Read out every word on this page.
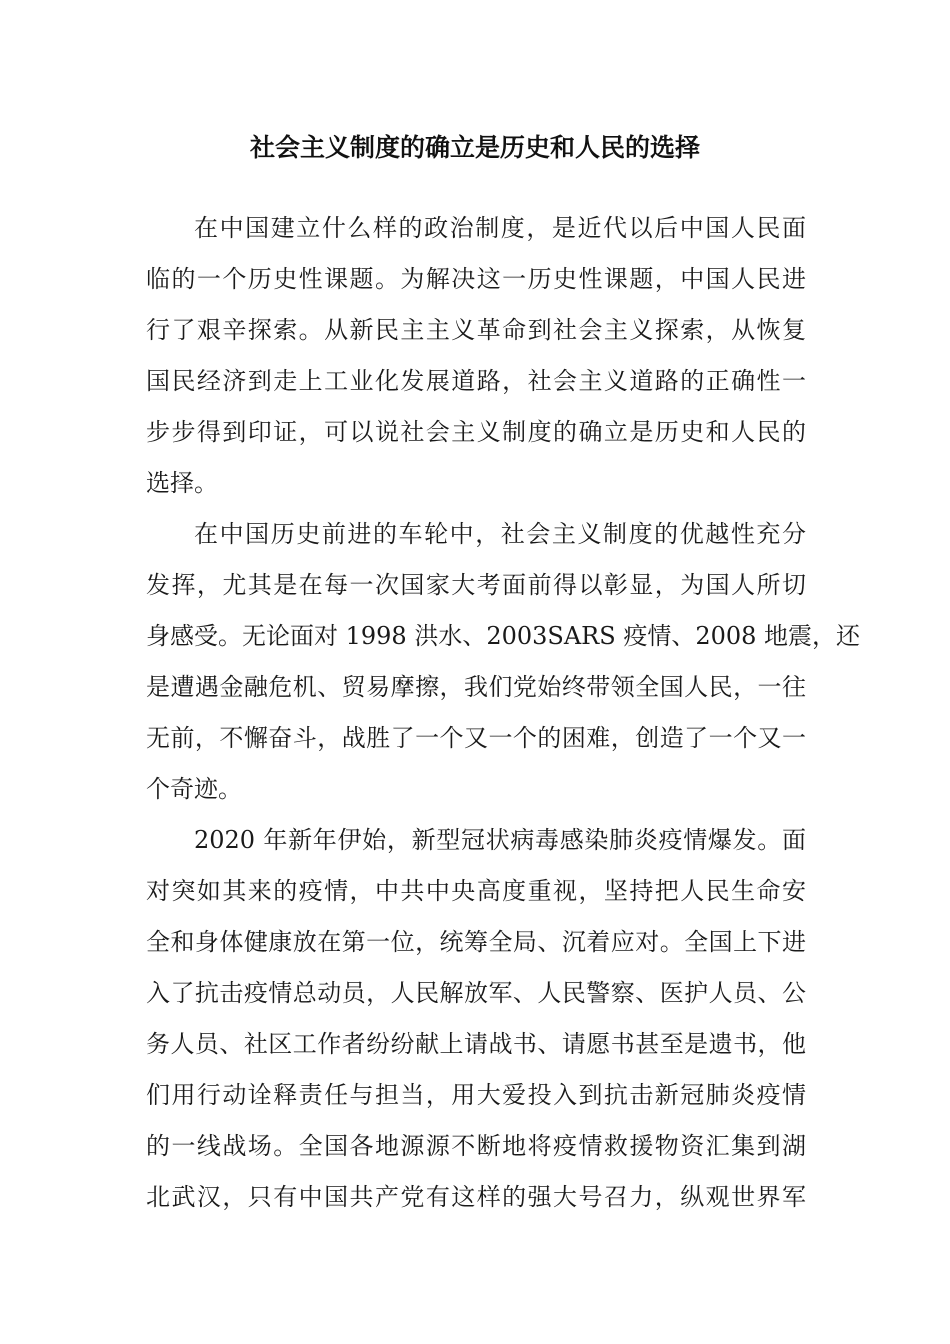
社会主义制度的确立是历史和人民的选择
在中国建立什么样的政治制度，是近代以后中国人民面
临的一个历史性课题。为解决这一历史性课题，中国人民进
行了艰辛探索。从新民主主义革命到社会主义探索，从恢复
国民经济到走上工业化发展道路，社会主义道路的正确性一
步步得到印证，可以说社会主义制度的确立是历史和人民的
选择。
在中国历史前进的车轮中，社会主义制度的优越性充分
发挥，尤其是在每一次国家大考面前得以彰显，为国人所切
身感受。无论面对 1998 洪水、2003SARS 疫情、2008 地震，还
是遭遇金融危机、贸易摩擦，我们党始终带领全国人民，一往
无前，不懈奋斗，战胜了一个又一个的困难，创造了一个又一
个奇迹。
2020 年新年伊始，新型冠状病毒感染肺炎疫情爆发。面
对突如其来的疫情，中共中央高度重视，坚持把人民生命安
全和身体健康放在第一位，统筹全局、沉着应对。全国上下进
入了抗击疫情总动员，人民解放军、人民警察、医护人员、公
务人员、社区工作者纷纷献上请战书、请愿书甚至是遗书，他
们用行动诠释责任与担当，用大爱投入到抗击新冠肺炎疫情
的一线战场。全国各地源源不断地将疫情救援物资汇集到湖
北武汉，只有中国共产党有这样的强大号召力，纵观世界军
